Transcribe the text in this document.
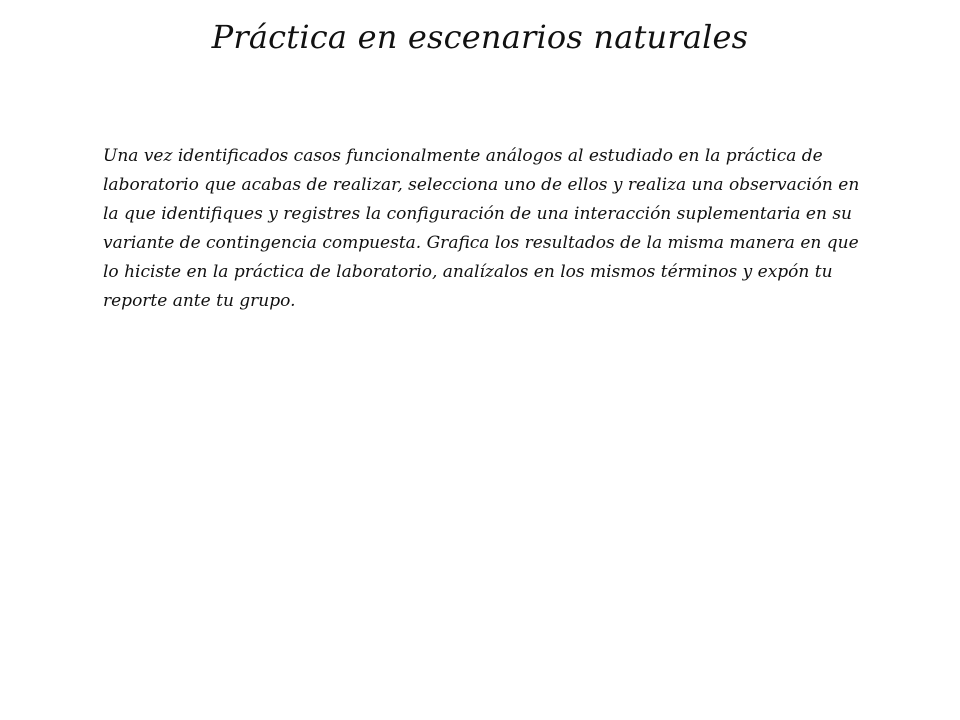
Práctica en escenarios naturales
Una vez identificados casos funcionalmente análogos al estudiado en la práctica de
laboratorio que acabas de realizar, selecciona uno de ellos y realiza una observación en
la que identifiques y registres la configuración de una interacción suplementaria en su
variante de contingencia compuesta. Grafica los resultados de la misma manera en que
lo hiciste en la práctica de laboratorio, analízalos en los mismos términos y expón tu
reporte ante tu grupo.
